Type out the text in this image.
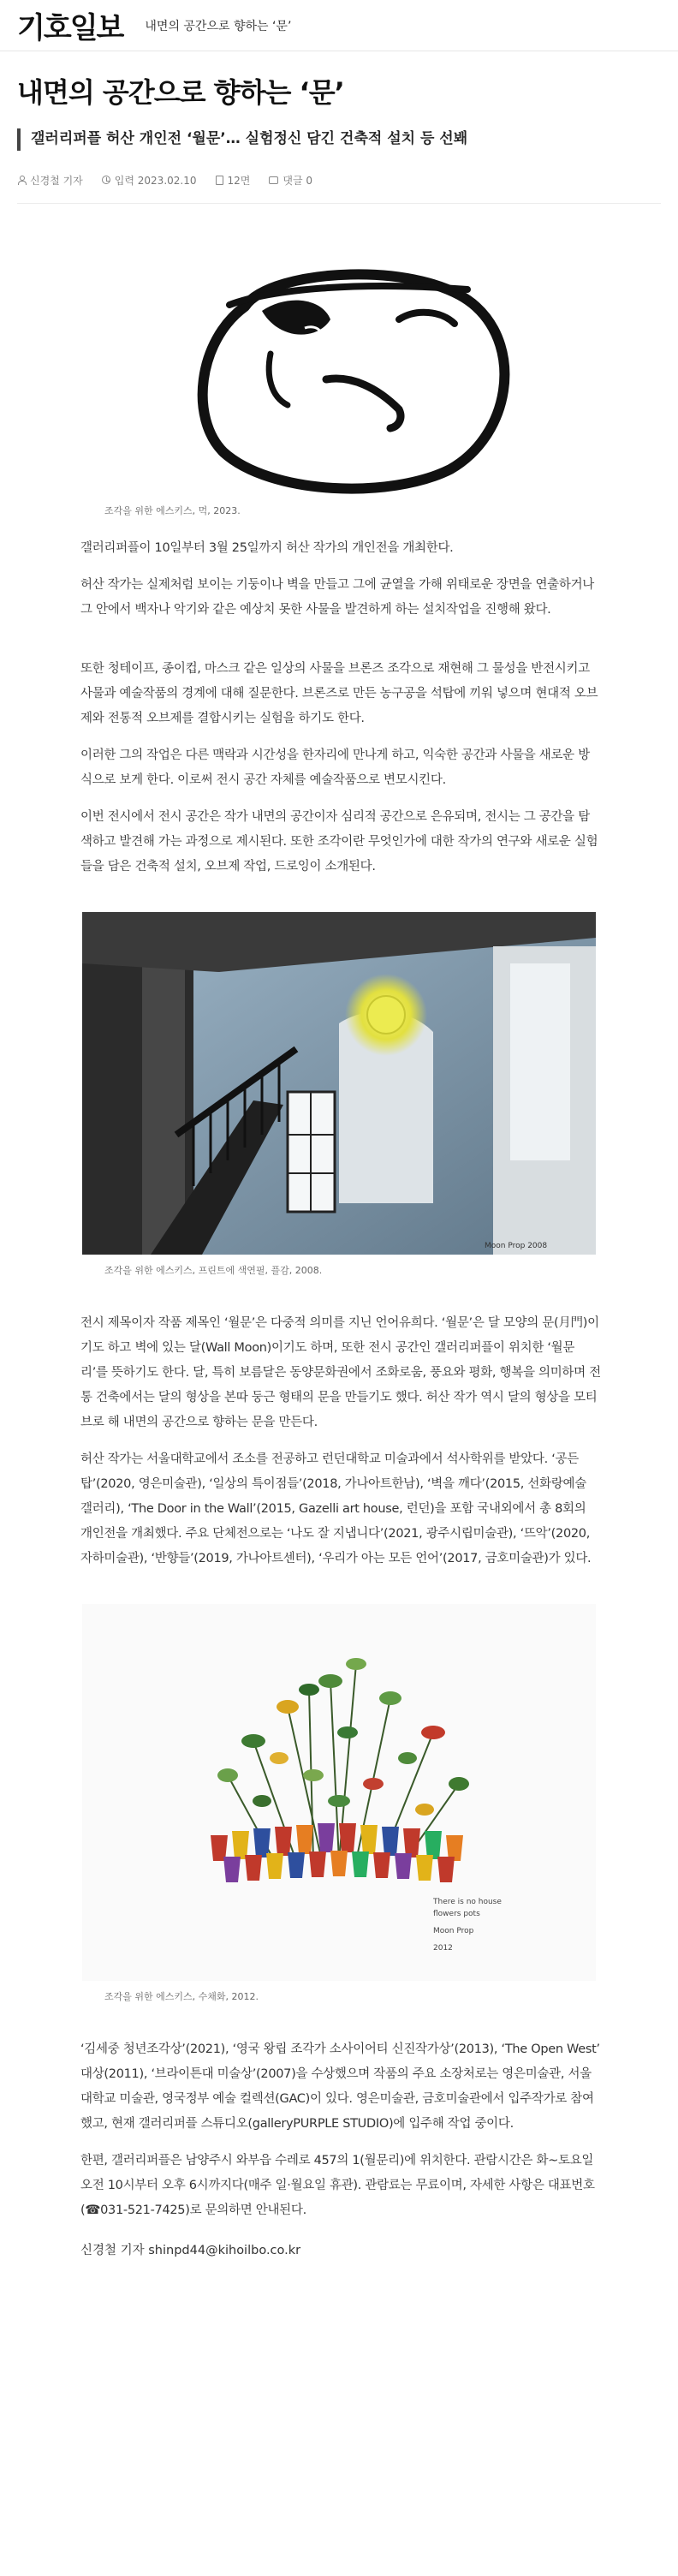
기호일보 내면의 공간으로 향하는 ‘문’
내면의 공간으로 향하는 ‘문’
갤러리퍼플 허산 개인전 ‘월문’… 실험정신 담긴 건축적 설치 등 선봬
신경철 기자	입력 2023.02.10	12면	댓글 0
조각을 위한 에스키스, 먹, 2023.

갤러리퍼플이 10일부터 3월 25일까지 허산 작가의 개인전을 개최한다.

허산 작가는 실제처럼 보이는 기둥이나 벽을 만들고 그에 균열을 가해 위태로운 장면을 연출하거나 그 안에서 백자나 악기와 같은 예상치 못한 사물을 발견하게 하는 설치작업을 진행해 왔다.

또한 청테이프, 종이컵, 마스크 같은 일상의 사물을 브론즈 조각으로 재현해 그 물성을 반전시키고 사물과 예술작품의 경계에 대해 질문한다. 브론즈로 만든 농구공을 석탑에 끼워 넣으며 현대적 오브제와 전통적 오브제를 결합시키는 실험을 하기도 한다.

이러한 그의 작업은 다른 맥락과 시간성을 한자리에 만나게 하고, 익숙한 공간과 사물을 새로운 방식으로 보게 한다. 이로써 전시 공간 자체를 예술작품으로 변모시킨다.

이번 전시에서 전시 공간은 작가 내면의 공간이자 심리적 공간으로 은유되며, 전시는 그 공간을 탐색하고 발견해 가는 과정으로 제시된다. 또한 조각이란 무엇인가에 대한 작가의 연구와 새로운 실험들을 담은 건축적 설치, 오브제 작업, 드로잉이 소개된다.

Moon Prop 2008
조각을 위한 에스키스, 프린트에 색연필, 플감, 2008.

전시 제목이자 작품 제목인 ‘월문’은 다중적 의미를 지닌 언어유희다. ‘월문’은 달 모양의 문(月門)이기도 하고 벽에 있는 달(Wall Moon)이기도 하며, 또한 전시 공간인 갤러리퍼플이 위치한 ‘월문리’를 뜻하기도 한다. 달, 특히 보름달은 동양문화권에서 조화로움, 풍요와 평화, 행복을 의미하며 전통 건축에서는 달의 형상을 본따 둥근 형태의 문을 만들기도 했다. 허산 작가 역시 달의 형상을 모티브로 해 내면의 공간으로 향하는 문을 만든다.

허산 작가는 서울대학교에서 조소를 전공하고 런던대학교 미술과에서 석사학위를 받았다. ‘공든탑’(2020, 영은미술관), ‘일상의 특이점들’(2018, 가나아트한남), ‘벽을 깨다’(2015, 선화랑예술 갤러리), ‘The Door in the Wall’(2015, Gazelli art house, 런던)을 포함 국내외에서 총 8회의 개인전을 개최했다. 주요 단체전으로는 ‘나도 잘 지냅니다’(2021, 광주시립미술관), ‘뜨악’(2020, 자하미술관), ‘반향들’(2019, 가나아트센터), ‘우리가 아는 모든 언어’(2017, 금호미술관)가 있다.

There is no house
flowers pots
Moon Prop
2012
조각을 위한 에스키스, 수채화, 2012.

‘김세중 청년조각상’(2021), ‘영국 왕립 조각가 소사이어티 신진작가상’(2013), ‘The Open West’ 대상(2011), ‘브라이튼대 미술상’(2007)을 수상했으며 작품의 주요 소장처로는 영은미술관, 서울대학교 미술관, 영국정부 예술 컬렉션(GAC)이 있다. 영은미술관, 금호미술관에서 입주작가로 참여했고, 현재 갤러리퍼플 스튜디오(galleryPURPLE STUDIO)에 입주해 작업 중이다.

한편, 갤러리퍼플은 남양주시 와부읍 수레로 457의 1(월문리)에 위치한다. 관람시간은 화~토요일 오전 10시부터 오후 6시까지다(매주 일·월요일 휴관). 관람료는 무료이며, 자세한 사항은 대표번호(☎031-521-7425)로 문의하면 안내된다.

신경철 기자 shinpd44@kihoilbo.co.kr
